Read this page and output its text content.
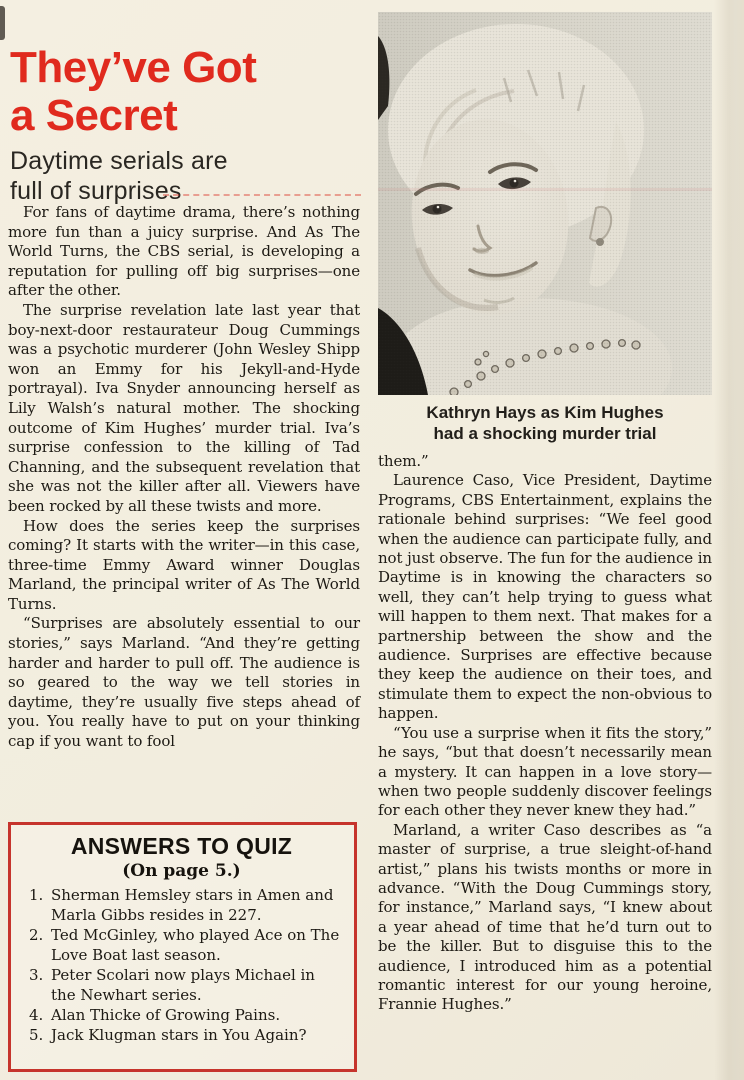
They’ve Got
a Secret

Daytime serials are
full of surprises

For fans of daytime drama, there’s nothing more fun than a juicy surprise. And As The World Turns, the CBS serial, is developing a reputation for pulling off big surprises—one after the other.

The surprise revelation late last year that boy-next-door restaurateur Doug Cummings was a psychotic murderer (John Wesley Shipp won an Emmy for his Jekyll-and-Hyde portrayal). Iva Snyder announcing herself as Lily Walsh’s natural mother. The shocking outcome of Kim Hughes’ murder trial. Iva’s surprise confession to the killing of Tad Channing, and the subsequent revelation that she was not the killer after all. Viewers have been rocked by all these twists and more.

How does the series keep the surprises coming? It starts with the writer—in this case, three-time Emmy Award winner Douglas Marland, the principal writer of As The World Turns.

“Surprises are absolutely essential to our stories,” says Marland. “And they’re getting harder and harder to pull off. The audience is so geared to the way we tell stories in daytime, they’re usually five steps ahead of you. You really have to put on your thinking cap if you want to fool

Kathryn Hays as Kim Hughes
had a shocking murder trial

them.”

Laurence Caso, Vice President, Daytime Programs, CBS Entertainment, explains the rationale behind surprises: “We feel good when the audience can participate fully, and not just observe. The fun for the audience in Daytime is in knowing the characters so well, they can’t help trying to guess what will happen to them next. That makes for a partnership between the show and the audience. Surprises are effective because they keep the audience on their toes, and stimulate them to expect the non-obvious to happen.

“You use a surprise when it fits the story,” he says, “but that doesn’t necessarily mean a mystery. It can happen in a love story—when two people suddenly discover feelings for each other they never knew they had.”

Marland, a writer Caso describes as “a master of surprise, a true sleight-of-hand artist,” plans his twists months or more in advance. “With the Doug Cummings story, for instance,” Marland says, “I knew about a year ahead of time that he’d turn out to be the killer. But to disguise this to the audience, I introduced him as a potential romantic interest for our young heroine, Frannie Hughes.”

ANSWERS TO QUIZ
(On page 5.)
1. Sherman Hemsley stars in Amen and Marla Gibbs resides in 227.
2. Ted McGinley, who played Ace on The Love Boat last season.
3. Peter Scolari now plays Michael in the Newhart series.
4. Alan Thicke of Growing Pains.
5. Jack Klugman stars in You Again?
